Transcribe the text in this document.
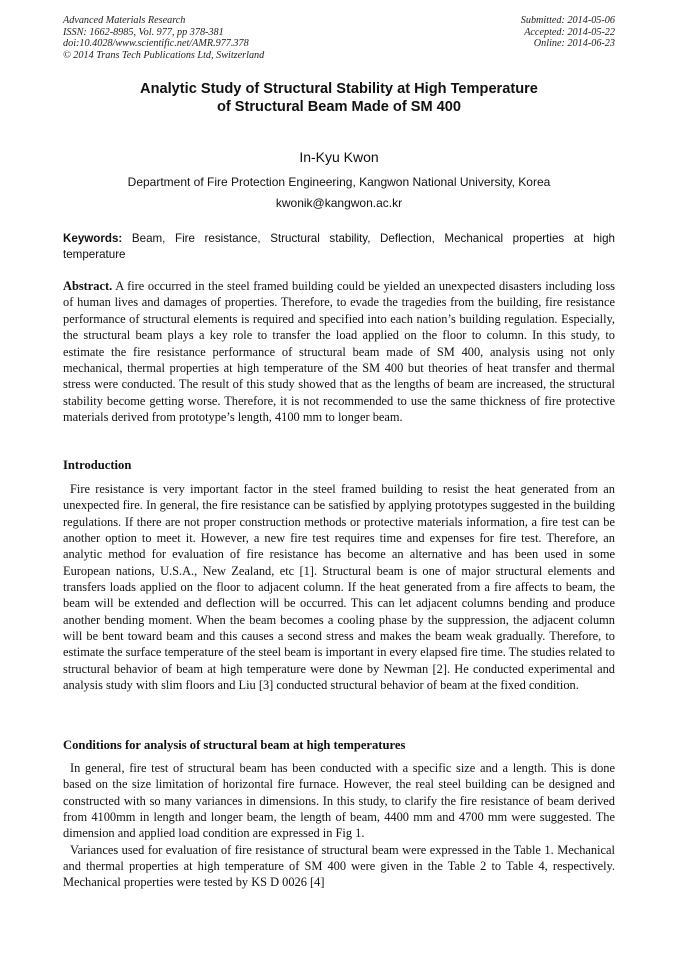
Advanced Materials Research
ISSN: 1662-8985, Vol. 977, pp 378-381
doi:10.4028/www.scientific.net/AMR.977.378
© 2014 Trans Tech Publications Ltd, Switzerland
Submitted: 2014-05-06
Accepted: 2014-05-22
Online: 2014-06-23
Analytic Study of Structural Stability at High Temperature
of Structural Beam Made of SM 400
In-Kyu Kwon
Department of Fire Protection Engineering, Kangwon National University, Korea
kwonik@kangwon.ac.kr

Keywords: Beam, Fire resistance, Structural stability, Deflection, Mechanical properties at high temperature

Abstract. A fire occurred in the steel framed building could be yielded an unexpected disasters including loss of human lives and damages of properties. Therefore, to evade the tragedies from the building, fire resistance performance of structural elements is required and specified into each nation’s building regulation. Especially, the structural beam plays a key role to transfer the load applied on the floor to column. In this study, to estimate the fire resistance performance of structural beam made of SM 400, analysis using not only mechanical, thermal properties at high temperature of the SM 400 but theories of heat transfer and thermal stress were conducted. The result of this study showed that as the lengths of beam are increased, the structural stability become getting worse. Therefore, it is not recommended to use the same thickness of fire protective materials derived from prototype’s length, 4100 mm to longer beam.

Introduction

Fire resistance is very important factor in the steel framed building to resist the heat generated from an unexpected fire. In general, the fire resistance can be satisfied by applying prototypes suggested in the building regulations. If there are not proper construction methods or protective materials information, a fire test can be another option to meet it. However, a new fire test requires time and expenses for fire test. Therefore, an analytic method for evaluation of fire resistance has become an alternative and has been used in some European nations, U.S.A., New Zealand, etc [1]. Structural beam is one of major structural elements and transfers loads applied on the floor to adjacent column. If the heat generated from a fire affects to beam, the beam will be extended and deflection will be occurred. This can let adjacent columns bending and produce another bending moment. When the beam becomes a cooling phase by the suppression, the adjacent column will be bent toward beam and this causes a second stress and makes the beam weak gradually. Therefore, to estimate the surface temperature of the steel beam is important in every elapsed fire time. The studies related to structural behavior of beam at high temperature were done by Newman [2]. He conducted experimental and analysis study with slim floors and Liu [3] conducted structural behavior of beam at the fixed condition.

Conditions for analysis of structural beam at high temperatures

In general, fire test of structural beam has been conducted with a specific size and a length. This is done based on the size limitation of horizontal fire furnace. However, the real steel building can be designed and constructed with so many variances in dimensions. In this study, to clarify the fire resistance of beam derived from 4100mm in length and longer beam, the length of beam, 4400 mm and 4700 mm were suggested. The dimension and applied load condition are expressed in Fig 1.
Variances used for evaluation of fire resistance of structural beam were expressed in the Table 1. Mechanical and thermal properties at high temperature of SM 400 were given in the Table 2 to Table 4, respectively. Mechanical properties were tested by KS D 0026 [4]
